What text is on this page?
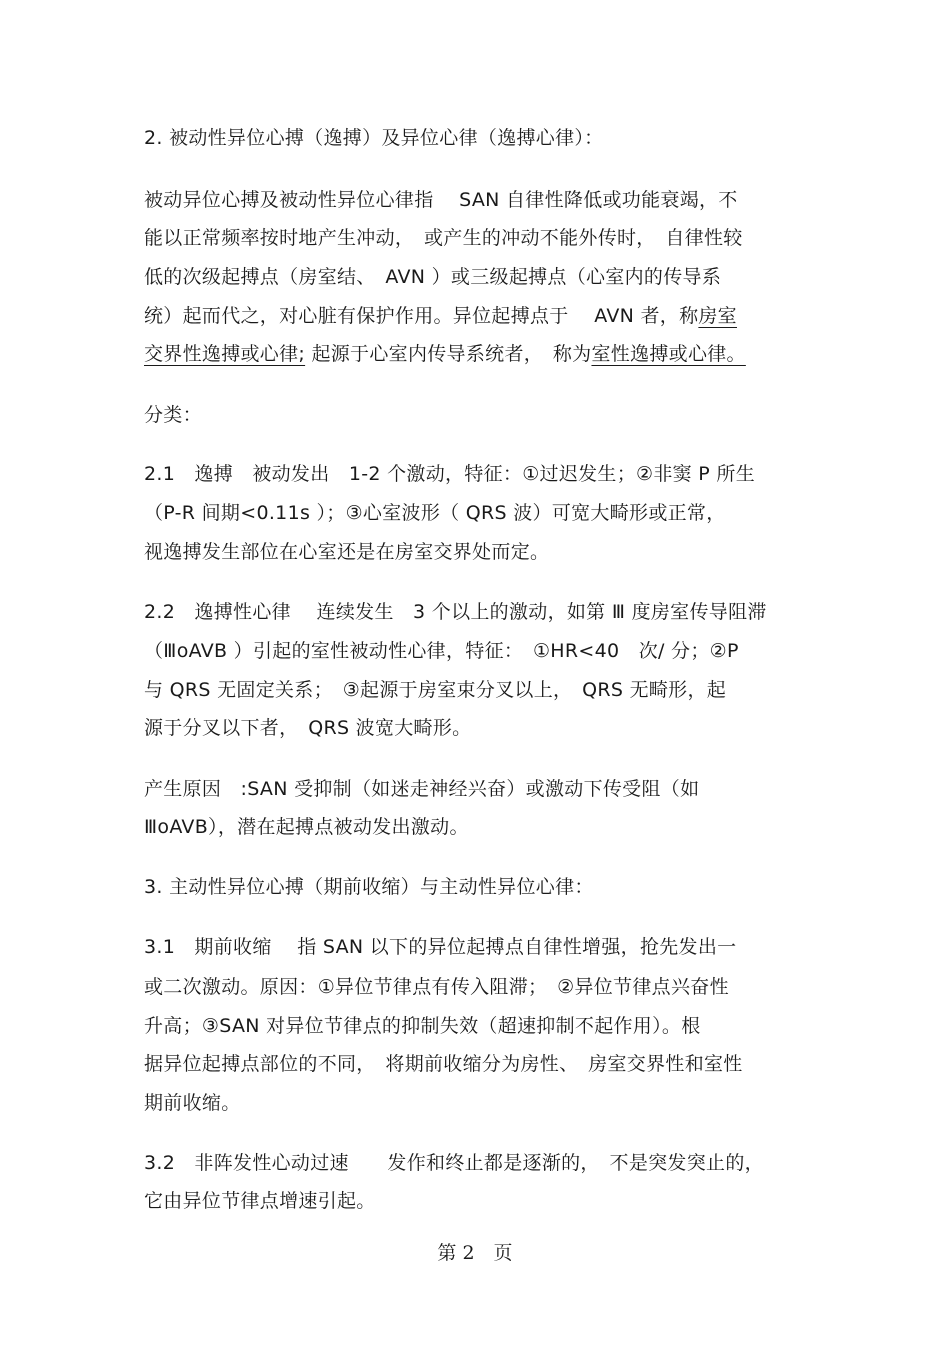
2. 被动性异位心搏（逸搏）及异位心律（逸搏心律）：
被动异位心搏及被动性异位心律指　 SAN 自律性降低或功能衰竭，不
能以正常频率按时地产生冲动，　或产生的冲动不能外传时，　自律性较
低的次级起搏点（房室结、　AVN ）或三级起搏点（心室内的传导系
统）起而代之，对心脏有保护作用。异位起搏点于　 AVN 者，称房室
交界性逸搏或心律; 起源于心室内传导系统者，　称为室性逸搏或心律。
分类：
2.1　逸搏　被动发出　1-2 个激动，特征：①过迟发生；②非窦 P 所生
（P-R 间期<0.11s ）；③心室波形（ QRS 波）可宽大畸形或正常，
视逸搏发生部位在心室还是在房室交界处而定。
2.2　逸搏性心律　 连续发生　3 个以上的激动，如第 Ⅲ 度房室传导阻滞
（ⅢoAVB ）引起的室性被动性心律，特征：　①HR<40　次/ 分；②P
与 QRS 无固定关系；　③起源于房室束分叉以上，　QRS 无畸形，起
源于分叉以下者，　QRS 波宽大畸形。
产生原因　:SAN 受抑制（如迷走神经兴奋）或激动下传受阻（如
ⅢoAVB），潜在起搏点被动发出激动。
3. 主动性异位心搏（期前收缩）与主动性异位心律：
3.1　期前收缩　 指 SAN 以下的异位起搏点自律性增强，抢先发出一
或二次激动。原因：①异位节律点有传入阻滞；　②异位节律点兴奋性
升高；③SAN 对异位节律点的抑制失效（超速抑制不起作用）。根
据异位起搏点部位的不同，　将期前收缩分为房性、　房室交界性和室性
期前收缩。
3.2　非阵发性心动过速　　发作和终止都是逐渐的，　不是突发突止的，
它由异位节律点增速引起。
第 2　页
